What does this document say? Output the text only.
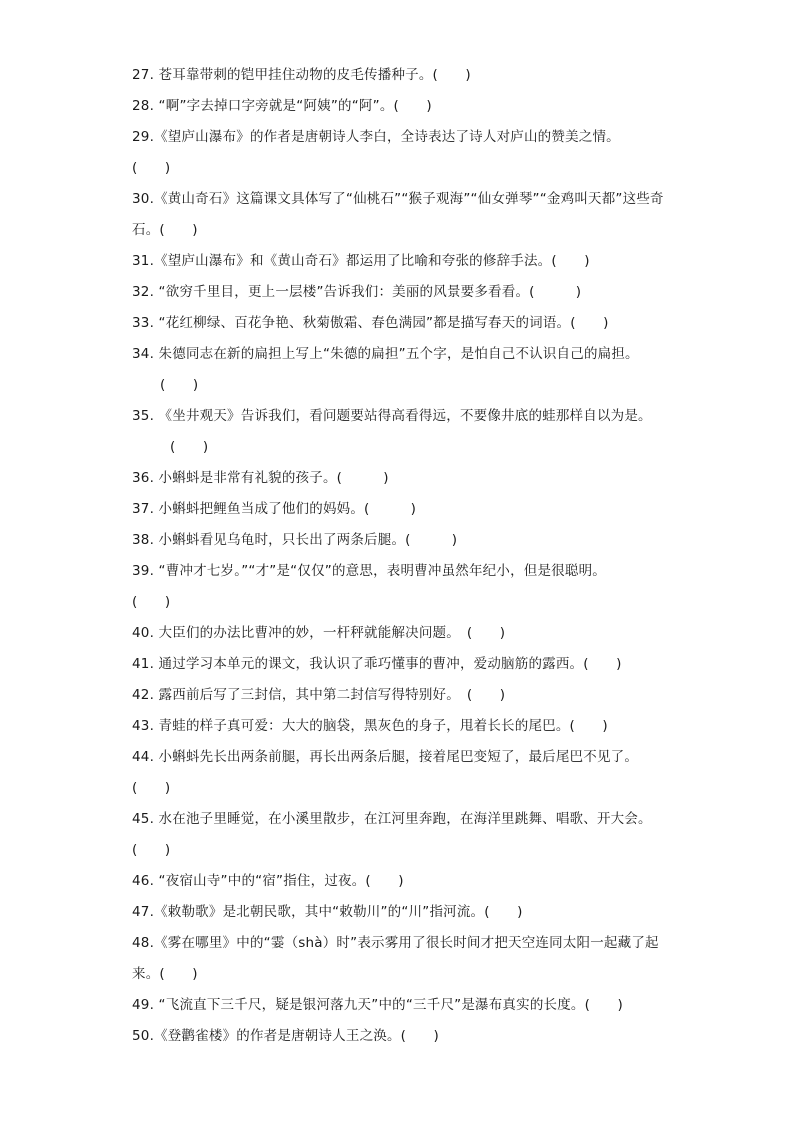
27. 苍耳靠带刺的铠甲挂住动物的皮毛传播种子。(　　)
28. “啊”字去掉口字旁就是“阿姨”的“阿”。(　　)
29.《望庐山瀑布》的作者是唐朝诗人李白，全诗表达了诗人对庐山的赞美之情。
(　　)
30.《黄山奇石》这篇课文具体写了“仙桃石”“猴子观海”“仙女弹琴”“金鸡叫天都”这些奇
石。(　　)
31.《望庐山瀑布》和《黄山奇石》都运用了比喻和夸张的修辞手法。(　　)
32. “欲穷千里目，更上一层楼”告诉我们：美丽的风景要多看看。(　　　)
33. “花红柳绿、百花争艳、秋菊傲霜、春色满园”都是描写春天的词语。(　　)
34. 朱德同志在新的扁担上写上“朱德的扁担”五个字，是怕自己不认识自己的扁担。
(　　)
35. 《坐井观天》告诉我们，看问题要站得高看得远，不要像井底的蛙那样自以为是。
(　　)
36. 小蝌蚪是非常有礼貌的孩子。(　　　)
37. 小蝌蚪把鲤鱼当成了他们的妈妈。(　　　)
38. 小蝌蚪看见乌龟时，只长出了两条后腿。(　　　)
39. “曹冲才七岁。”“才”是“仅仅”的意思，表明曹冲虽然年纪小，但是很聪明。
(　　)
40. 大臣们的办法比曹冲的妙，一杆秤就能解决问题。　(　　)
41. 通过学习本单元的课文，我认识了乖巧懂事的曹冲，爱动脑筋的露西。(　　)
42. 露西前后写了三封信，其中第二封信写得特别好。　(　　)
43. 青蛙的样子真可爱：大大的脑袋，黑灰色的身子，甩着长长的尾巴。(　　)
44. 小蝌蚪先长出两条前腿，再长出两条后腿，接着尾巴变短了，最后尾巴不见了。
(　　)
45. 水在池子里睡觉，在小溪里散步，在江河里奔跑，在海洋里跳舞、唱歌、开大会。
(　　)
46. “夜宿山寺”中的“宿”指住，过夜。(　　)
47.《敕勒歌》是北朝民歌，其中“敕勒川”的“川”指河流。(　　)
48.《雾在哪里》中的“霎（shà）时”表示雾用了很长时间才把天空连同太阳一起藏了起
来。(　　)
49. “飞流直下三千尺，疑是银河落九天”中的“三千尺”是瀑布真实的长度。(　　)
50.《登鹳雀楼》的作者是唐朝诗人王之涣。(　　)
